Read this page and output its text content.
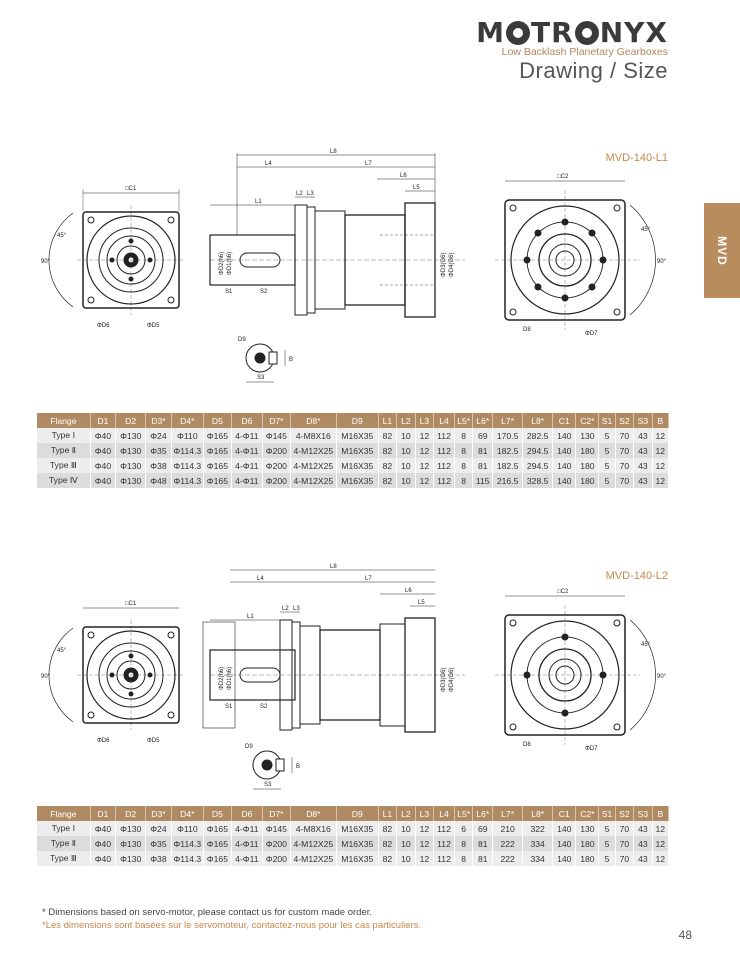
M TR NYX
Low Backlash Planetary Gearboxes
Drawing / Size
MVD
MVD-140-L1
□C1
45°
90°
ΦD6	ΦD5
L8
L4	L7
L6
L5
L2 L3
L1
S1	S2
ΦD2(h6) ΦD1(h6)	ΦD3(G6) ΦD4(G6)
□C2
45°
90°
D8
ΦD7
D9
B
S3
Flange	D1	D2	D3*	D4*	D5	D6	D7*	D8*	D9	L1	L2	L3	L4	L5*	L6*	L7*	L8*	C1	C2*	S1	S2	S3	B
Type Ⅰ	Φ40	Φ130	Φ24	Φ110	Φ165	4-Φ11	Φ145	4-M8X16	M16X35	82	10	12	112	8	69	170.5	282.5	140	130	5	70	43	12
Type Ⅱ	Φ40	Φ130	Φ35	Φ114.3	Φ165	4-Φ11	Φ200	4-M12X25	M16X35	82	10	12	112	8	81	182.5	294.5	140	180	5	70	43	12
Type Ⅲ	Φ40	Φ130	Φ38	Φ114.3	Φ165	4-Φ11	Φ200	4-M12X25	M16X35	82	10	12	112	8	81	182.5	294.5	140	180	5	70	43	12
Type Ⅳ	Φ40	Φ130	Φ48	Φ114.3	Φ165	4-Φ11	Φ200	4-M12X25	M16X35	82	10	12	112	8	115	216.5	328.5	140	180	5	70	43	12
MVD-140-L2
□C1
45°
90°
ΦD6	ΦD5
L8
L4	L7
L6
L5
L2 L3
L1
S1	S2
ΦD2(h6) ΦD1(h6)	ΦD3(G6) ΦD4(G6)
□C2
45°
90°
D8
ΦD7
D9
B
S3
Flange	D1	D2	D3*	D4*	D5	D6	D7*	D8*	D9	L1	L2	L3	L4	L5*	L6*	L7*	L8*	C1	C2*	S1	S2	S3	B
Type Ⅰ	Φ40	Φ130	Φ24	Φ110	Φ165	4-Φ11	Φ145	4-M8X16	M16X35	82	10	12	112	6	69	210	322	140	130	5	70	43	12
Type Ⅱ	Φ40	Φ130	Φ35	Φ114.3	Φ165	4-Φ11	Φ200	4-M12X25	M16X35	82	10	12	112	8	81	222	334	140	180	5	70	43	12
Type Ⅲ	Φ40	Φ130	Φ38	Φ114.3	Φ165	4-Φ11	Φ200	4-M12X25	M16X35	82	10	12	112	8	81	222	334	140	180	5	70	43	12
* Dimensions based on servo-motor, please contact us for custom made order.
*Les dimensions sont basées sur le servomoteur, contactez-nous pour les cas particuliers.
48
